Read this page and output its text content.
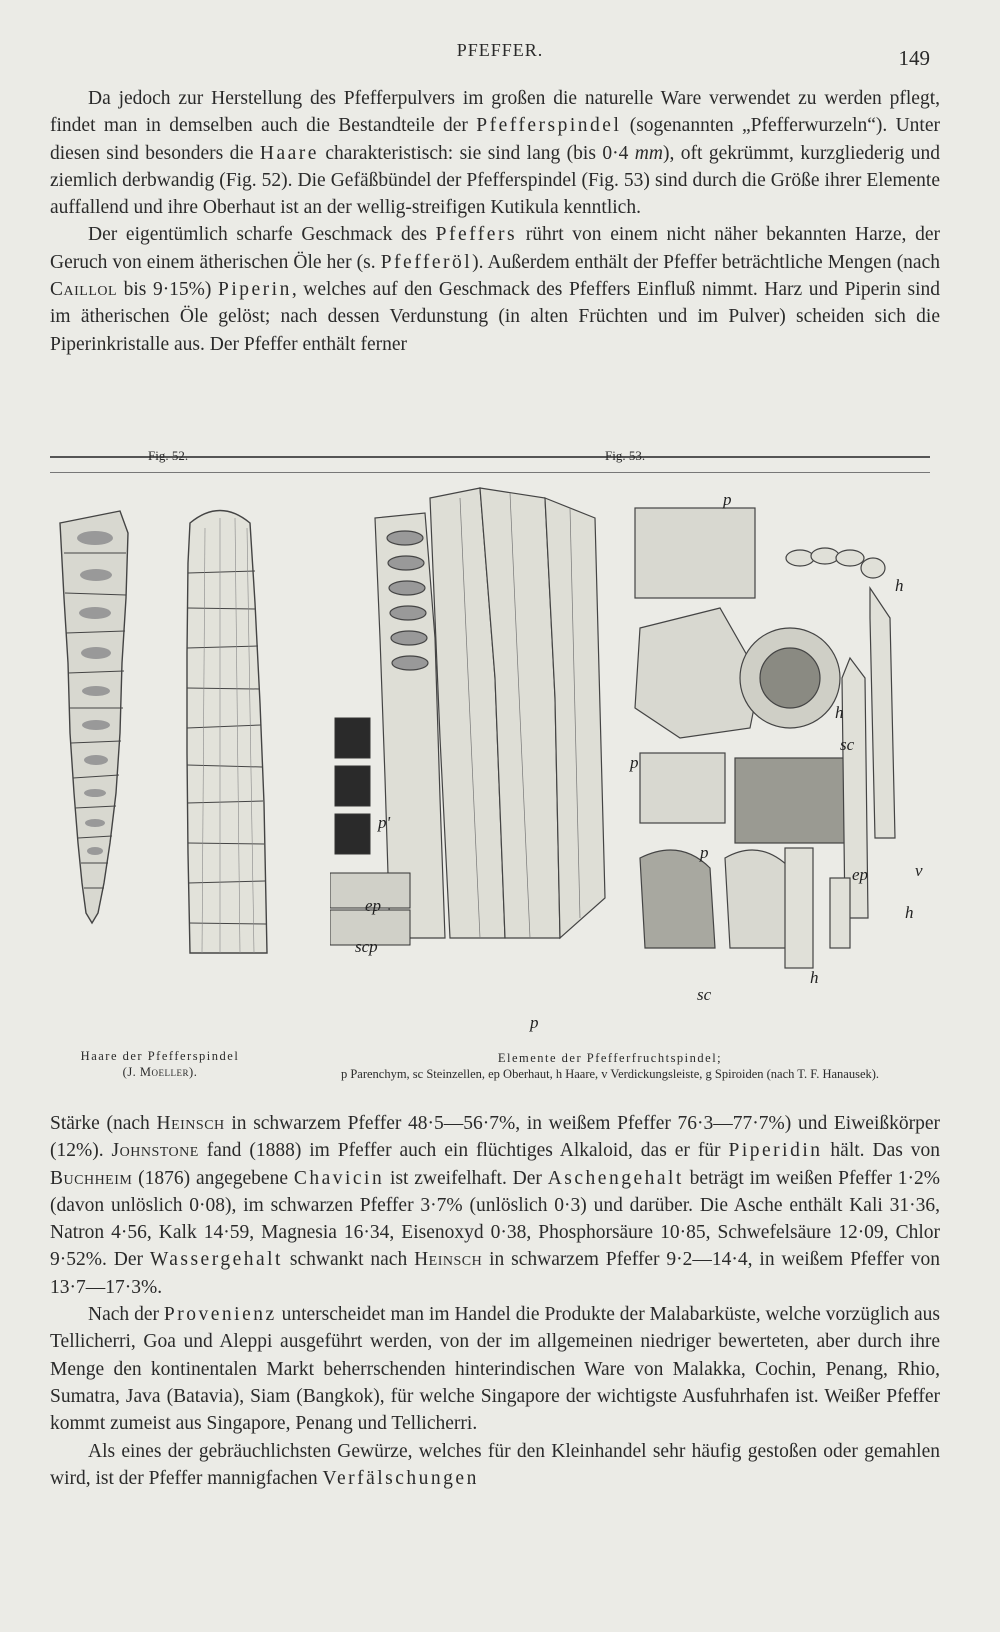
PFEFFER.	149

Da jedoch zur Herstellung des Pfefferpulvers im großen die naturelle Ware verwendet zu werden pflegt, findet man in demselben auch die Bestandteile der Pfefferspindel (sogenannten „Pfefferwurzeln“). Unter diesen sind besonders die Haare charakteristisch: sie sind lang (bis 0·4 mm), oft gekrümmt, kurzgliederig und ziemlich derbwandig (Fig. 52). Die Gefäßbündel der Pfefferspindel (Fig. 53) sind durch die Größe ihrer Elemente auffallend und ihre Oberhaut ist an der wellig-streifigen Kutikula kenntlich.

Der eigentümlich scharfe Geschmack des Pfeffers rührt von einem nicht näher bekannten Harze, der Geruch von einem ätherischen Öle her (s. Pfefferöl). Außerdem enthält der Pfeffer beträchtliche Mengen (nach Caillol bis 9·15%) Piperin, welches auf den Geschmack des Pfeffers Einfluß nimmt. Harz und Piperin sind im ätherischen Öle gelöst; nach dessen Verdunstung (in alten Früchten und im Pulver) scheiden sich die Piperinkristalle aus. Der Pfeffer enthält ferner

Fig. 52.	Fig. 53.
p
h
h
sc
p
p
p'
ep
scp
ep	v
h
h
sc
p
Haare der Pfefferspindel
(J. Moeller).
Elemente der Pfefferfruchtspindel;
p Parenchym, sc Steinzellen, ep Oberhaut, h Haare, v Verdickungsleiste, g Spiroiden (nach T. F. Hanausek).

Stärke (nach Heinsch in schwarzem Pfeffer 48·5—56·7%, in weißem Pfeffer 76·3—77·7%) und Eiweißkörper (12%). Johnstone fand (1888) im Pfeffer auch ein flüchtiges Alkaloid, das er für Piperidin hält. Das von Buchheim (1876) angegebene Chavicin ist zweifelhaft. Der Aschengehalt beträgt im weißen Pfeffer 1·2% (davon unlöslich 0·08), im schwarzen Pfeffer 3·7% (unlöslich 0·3) und darüber. Die Asche enthält Kali 31·36, Natron 4·56, Kalk 14·59, Magnesia 16·34, Eisenoxyd 0·38, Phosphorsäure 10·85, Schwefelsäure 12·09, Chlor 9·52%. Der Wassergehalt schwankt nach Heinsch in schwarzem Pfeffer 9·2—14·4, in weißem Pfeffer von 13·7—17·3%.

Nach der Provenienz unterscheidet man im Handel die Produkte der Malabarküste, welche vorzüglich aus Tellicherri, Goa und Aleppi ausgeführt werden, von der im allgemeinen niedriger bewerteten, aber durch ihre Menge den kontinentalen Markt beherrschenden hinterindischen Ware von Malakka, Cochin, Penang, Rhio, Sumatra, Java (Batavia), Siam (Bangkok), für welche Singapore der wichtigste Ausfuhrhafen ist. Weißer Pfeffer kommt zumeist aus Singapore, Penang und Tellicherri.

Als eines der gebräuchlichsten Gewürze, welches für den Kleinhandel sehr häufig gestoßen oder gemahlen wird, ist der Pfeffer mannigfachen Verfälschungen
